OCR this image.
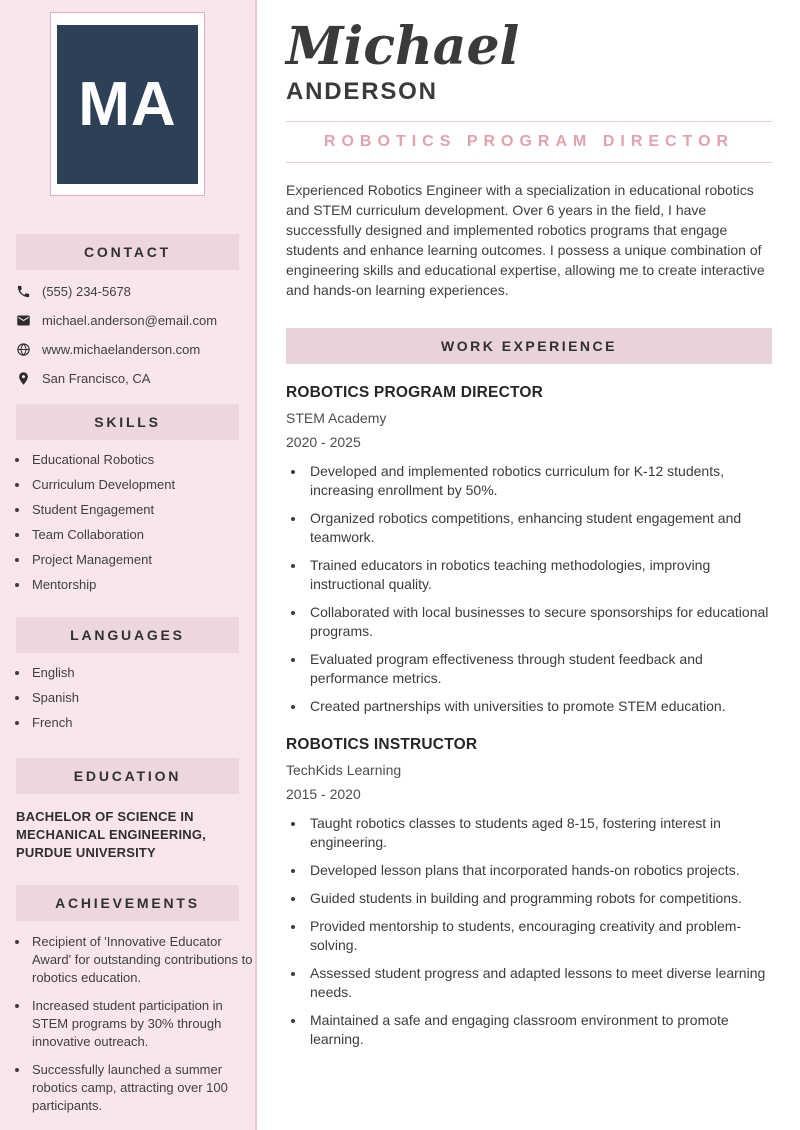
MA
CONTACT
(555) 234-5678
michael.anderson@email.com
www.michaelanderson.com
San Francisco, CA
SKILLS
• Educational Robotics
• Curriculum Development
• Student Engagement
• Team Collaboration
• Project Management
• Mentorship
LANGUAGES
• English
• Spanish
• French
EDUCATION

BACHELOR OF SCIENCE IN MECHANICAL ENGINEERING, PURDUE UNIVERSITY

ACHIEVEMENTS
• Recipient of 'Innovative Educator Award' for outstanding contributions to robotics education.
• Increased student participation in STEM programs by 30% through innovative outreach.
• Successfully launched a summer robotics camp, attracting over 100 participants.
Michael
ANDERSON
ROBOTICS PROGRAM DIRECTOR

Experienced Robotics Engineer with a specialization in educational robotics and STEM curriculum development. Over 6 years in the field, I have successfully designed and implemented robotics programs that engage students and enhance learning outcomes. I possess a unique combination of engineering skills and educational expertise, allowing me to create interactive and hands-on learning experiences.

WORK EXPERIENCE
ROBOTICS PROGRAM DIRECTOR

STEM Academy

2020 - 2025

• Developed and implemented robotics curriculum for K-12 students, increasing enrollment by 50%.
• Organized robotics competitions, enhancing student engagement and teamwork.
• Trained educators in robotics teaching methodologies, improving instructional quality.
• Collaborated with local businesses to secure sponsorships for educational programs.
• Evaluated program effectiveness through student feedback and performance metrics.
• Created partnerships with universities to promote STEM education.
ROBOTICS INSTRUCTOR

TechKids Learning

2015 - 2020

• Taught robotics classes to students aged 8-15, fostering interest in engineering.
• Developed lesson plans that incorporated hands-on robotics projects.
• Guided students in building and programming robots for competitions.
• Provided mentorship to students, encouraging creativity and problem-solving.
• Assessed student progress and adapted lessons to meet diverse learning needs.
• Maintained a safe and engaging classroom environment to promote learning.
